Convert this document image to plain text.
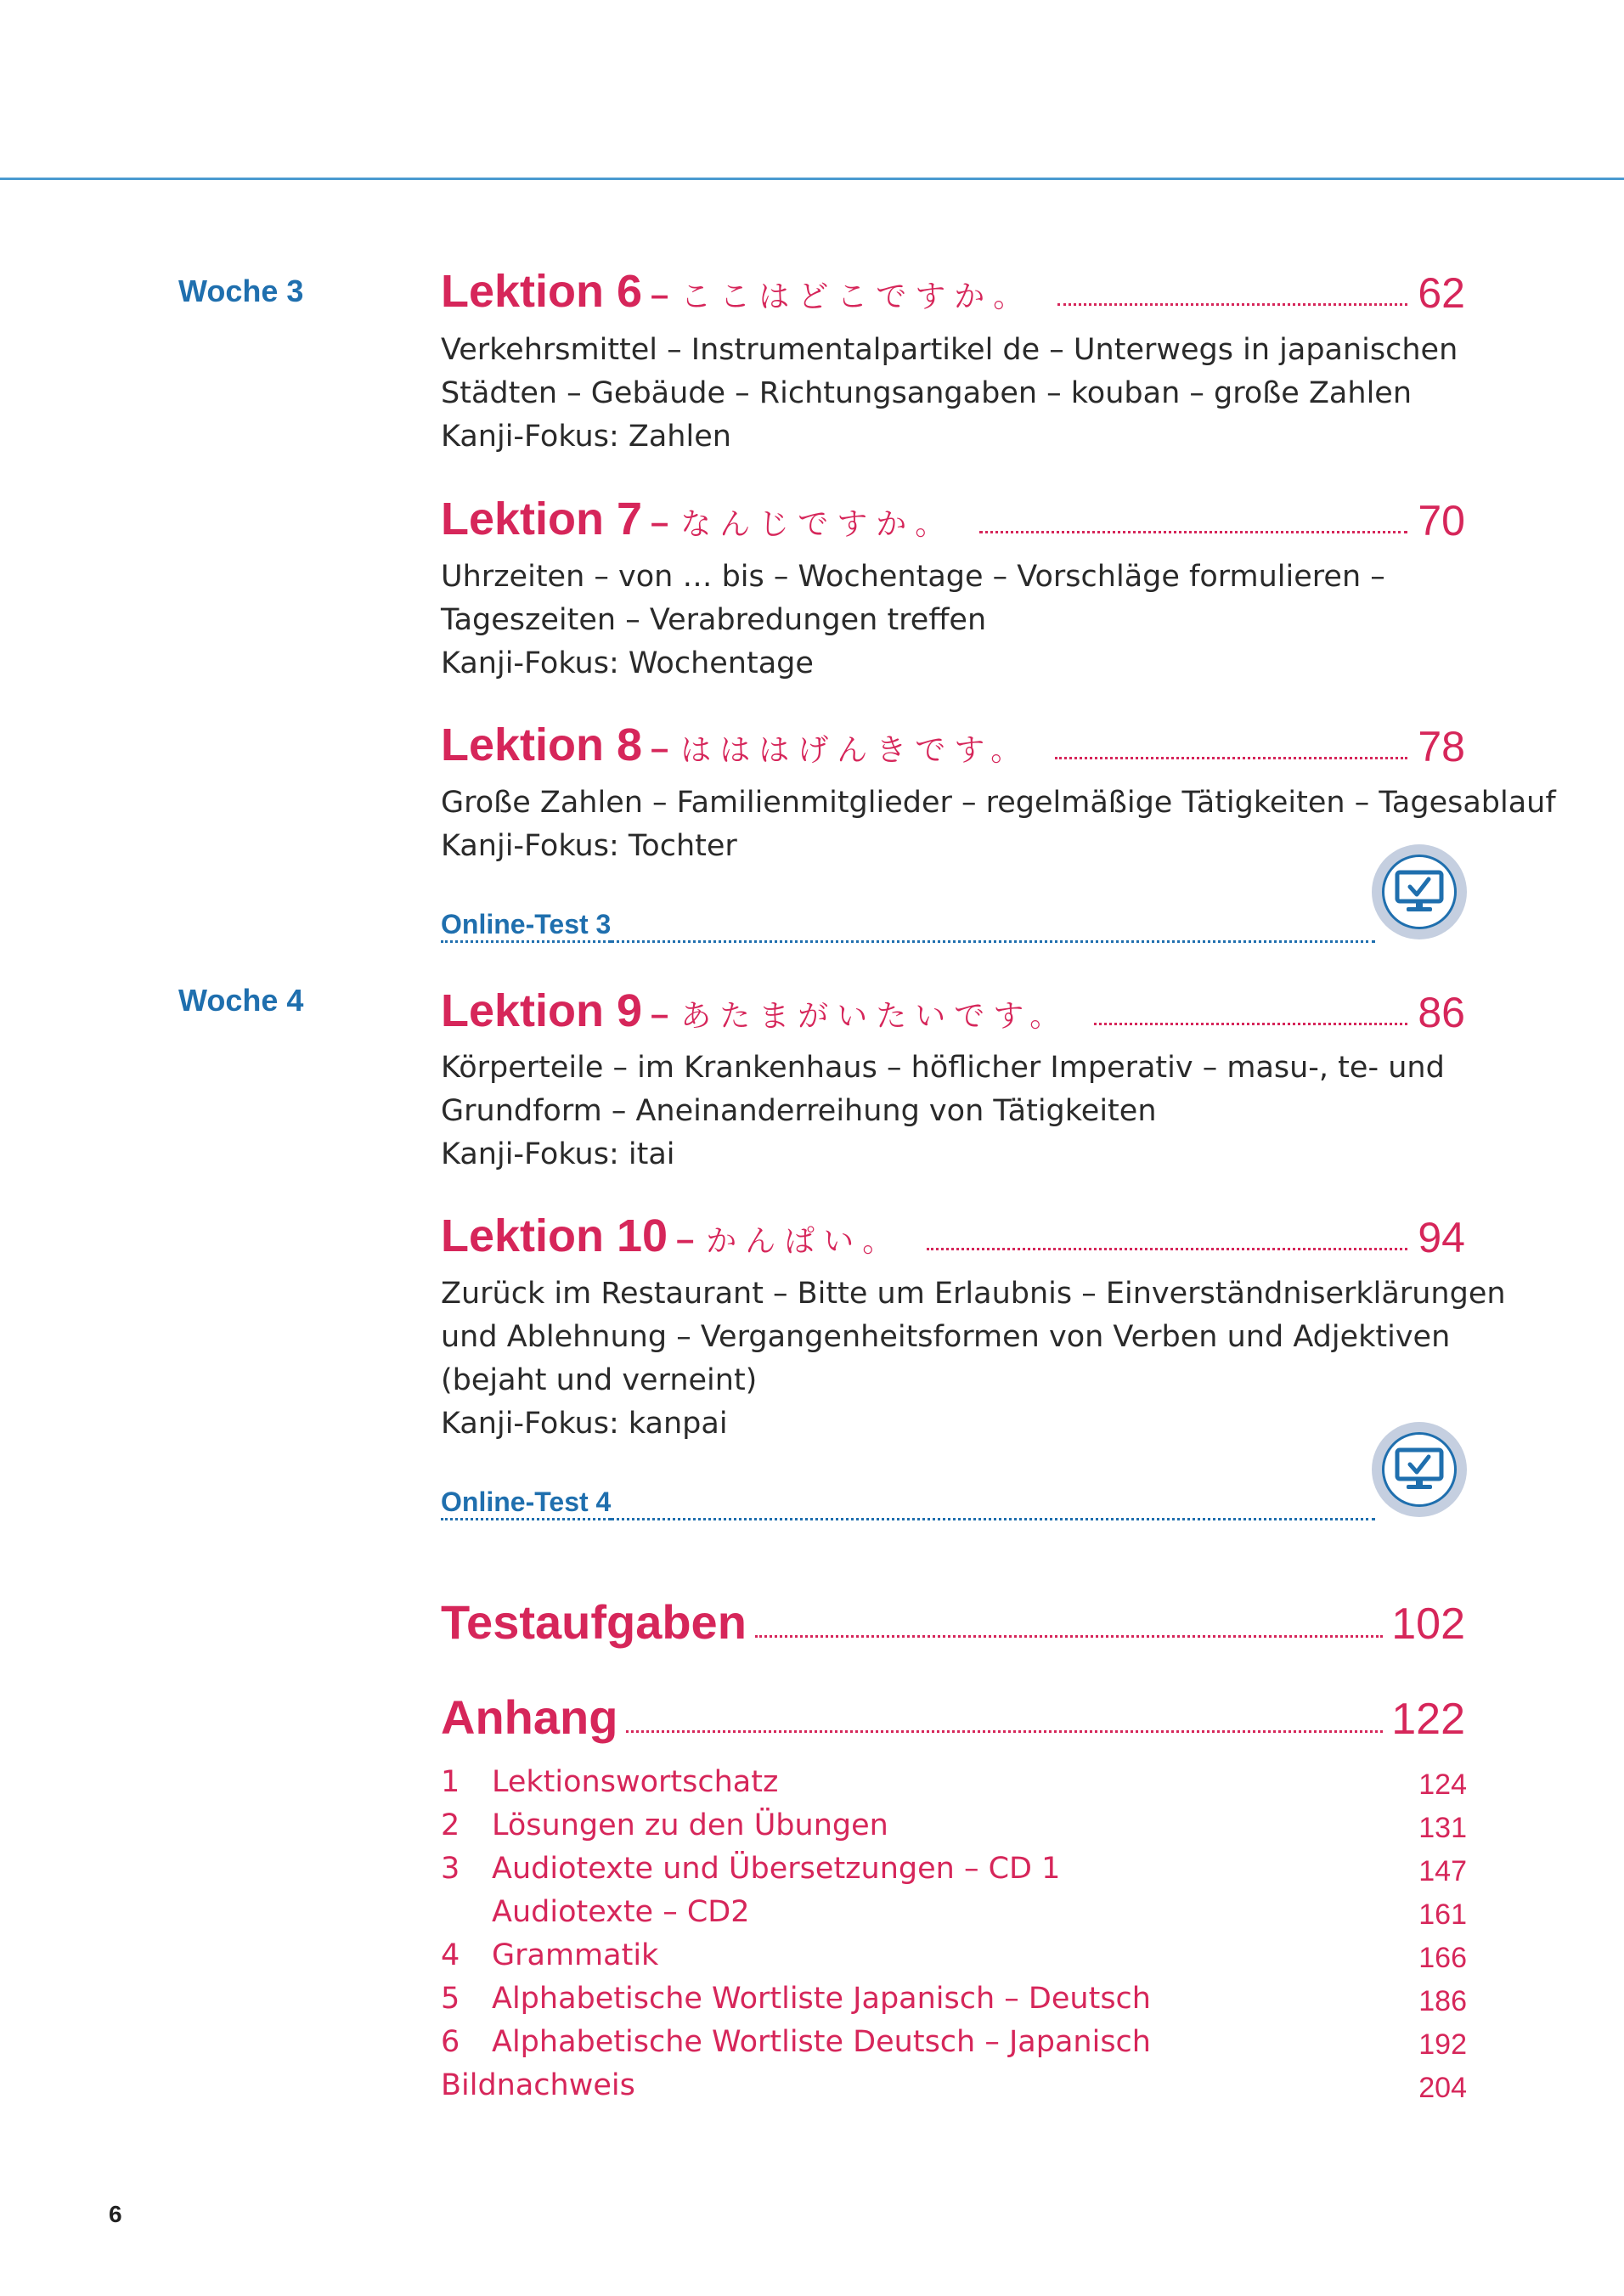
Woche 3
Woche 4
Lektion 6 – ここはどこですか。	62
Verkehrsmittel – Instrumentalpartikel de – Unterwegs in japanischen
Städten – Gebäude – Richtungsangaben – kouban – große Zahlen
Kanji-Fokus: Zahlen
Lektion 7 – なんじですか。	70
Uhrzeiten – von … bis – Wochentage – Vorschläge formulieren –
Tageszeiten – Verabredungen treffen
Kanji-Fokus: Wochentage
Lektion 8 – はははげんきです。	78
Große Zahlen – Familienmitglieder – regelmäßige Tätigkeiten – Tagesablauf
Kanji-Fokus: Tochter
Online-Test 3
Lektion 9 – あたまがいたいです。	86
Körperteile – im Krankenhaus – höflicher Imperativ – masu-, te- und
Grundform – Aneinanderreihung von Tätigkeiten
Kanji-Fokus: itai
Lektion 10 – かんぱい。	94
Zurück im Restaurant – Bitte um Erlaubnis – Einverständniserklärungen
und Ablehnung – Vergangenheitsformen von Verben und Adjektiven
(bejaht und verneint)
Kanji-Fokus: kanpai
Online-Test 4
Testaufgaben	102
Anhang	122
1	Lektionswortschatz	124
2	Lösungen zu den Übungen	131
3	Audiotexte und Übersetzungen – CD 1	147
Audiotexte – CD2	161
4	Grammatik	166
5	Alphabetische Wortliste Japanisch – Deutsch	186
6	Alphabetische Wortliste Deutsch – Japanisch	192
Bildnachweis	204
6
